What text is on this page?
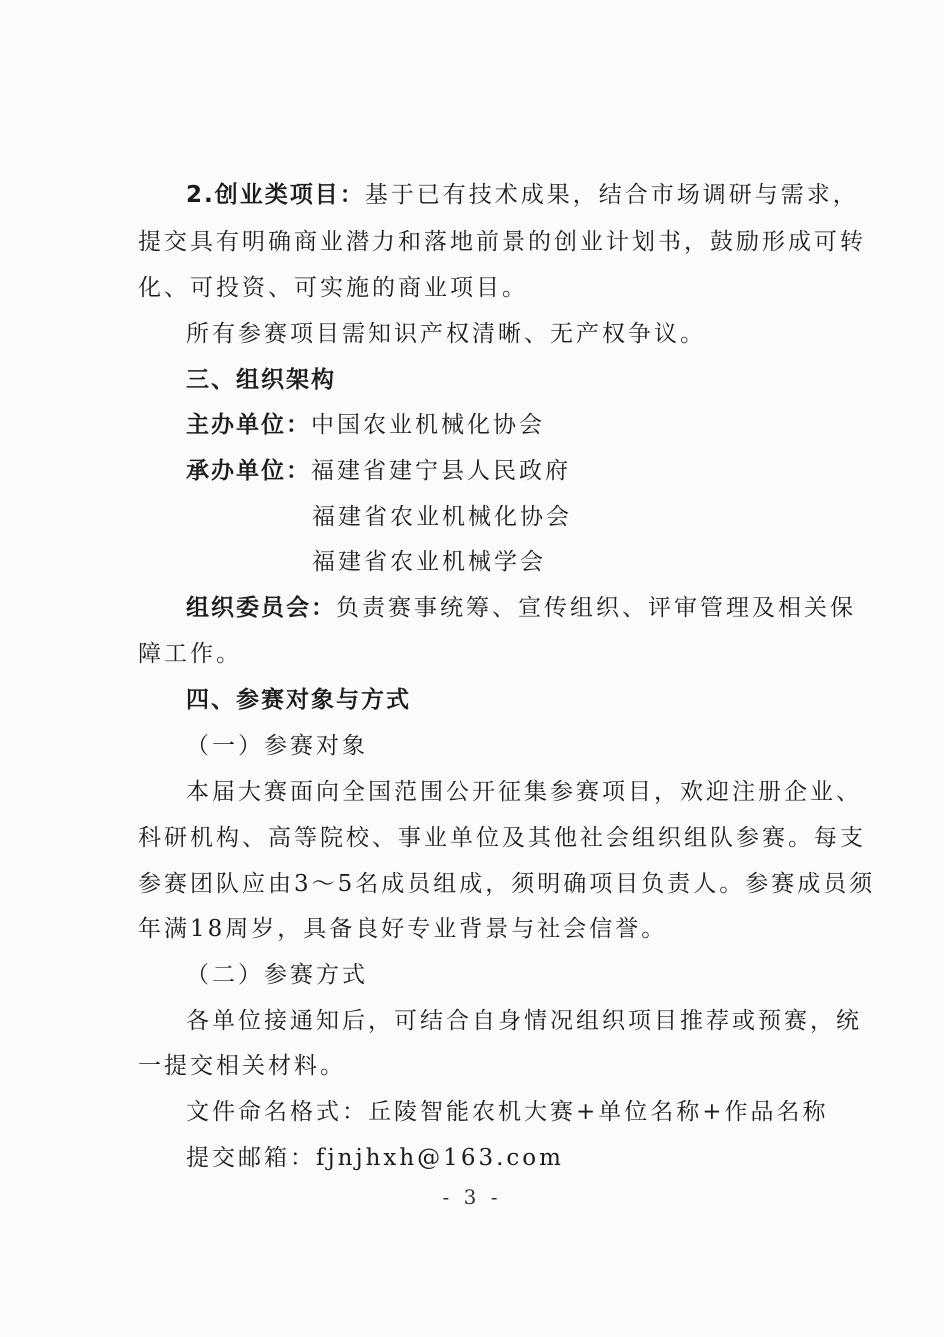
2.创业类项目：基于已有技术成果，结合市场调研与需求，
提交具有明确商业潜力和落地前景的创业计划书，鼓励形成可转
化、可投资、可实施的商业项目。
所有参赛项目需知识产权清晰、无产权争议。
三、组织架构
主办单位：中国农业机械化协会
承办单位：福建省建宁县人民政府
福建省农业机械化协会
福建省农业机械学会
组织委员会：负责赛事统筹、宣传组织、评审管理及相关保
障工作。
四、参赛对象与方式
（一）参赛对象
本届大赛面向全国范围公开征集参赛项目，欢迎注册企业、
科研机构、高等院校、事业单位及其他社会组织组队参赛。每支
参赛团队应由3～5名成员组成，须明确项目负责人。参赛成员须
年满18周岁，具备良好专业背景与社会信誉。
（二）参赛方式
各单位接通知后，可结合自身情况组织项目推荐或预赛，统
一提交相关材料。
文件命名格式：丘陵智能农机大赛+单位名称+作品名称
提交邮箱：fjnjhxh@163.com
- 3 -
